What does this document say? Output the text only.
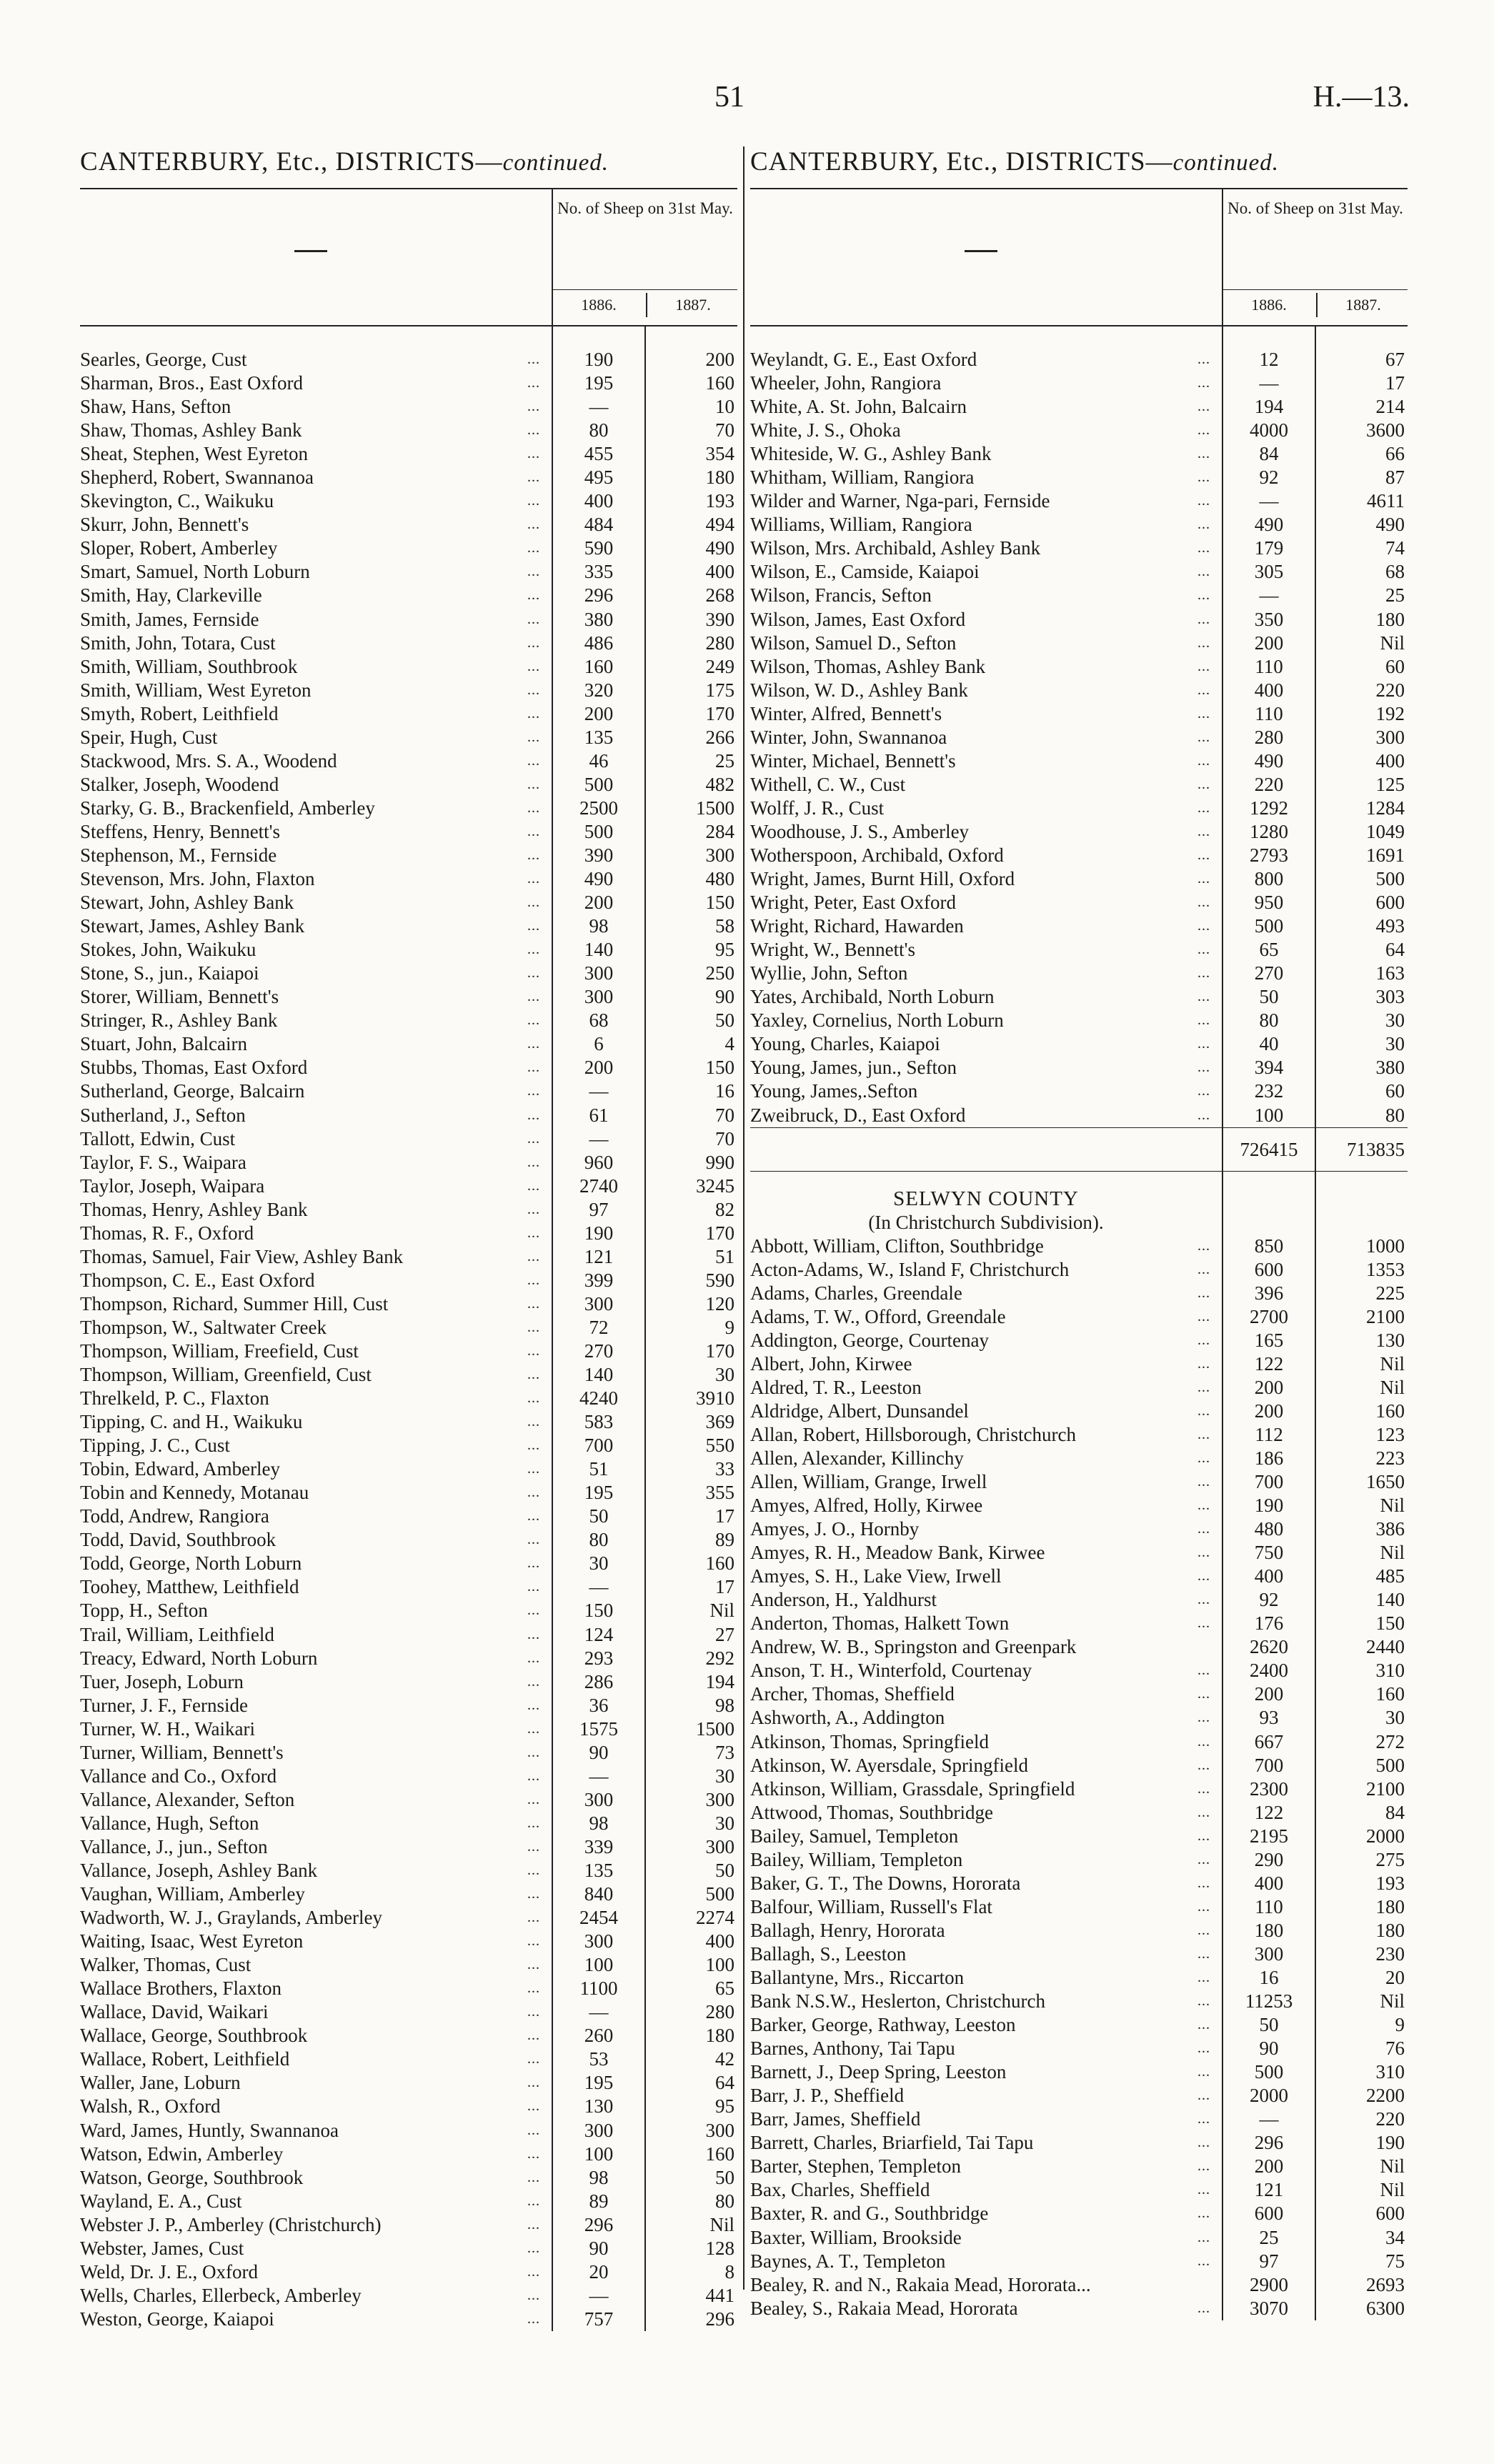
51	H.—13.
CANTERBURY, Etc., DISTRICTS—continued.
No. of Sheep on 31st May.
1886.	1887.
Searles, George, Cust	...	190	200
Sharman, Bros., East Oxford	...	195	160
Shaw, Hans, Sefton	...	—	10
Shaw, Thomas, Ashley Bank	...	80	70
Sheat, Stephen, West Eyreton	...	455	354
Shepherd, Robert, Swannanoa	...	495	180
Skevington, C., Waikuku	...	400	193
Skurr, John, Bennett's	...	484	494
Sloper, Robert, Amberley	...	590	490
Smart, Samuel, North Loburn	...	335	400
Smith, Hay, Clarkeville	...	296	268
Smith, James, Fernside	...	380	390
Smith, John, Totara, Cust	...	486	280
Smith, William, Southbrook	...	160	249
Smith, William, West Eyreton	...	320	175
Smyth, Robert, Leithfield	...	200	170
Speir, Hugh, Cust	...	135	266
Stackwood, Mrs. S. A., Woodend	...	46	25
Stalker, Joseph, Woodend	...	500	482
Starky, G. B., Brackenfield, Amberley	...	2500	1500
Steffens, Henry, Bennett's	...	500	284
Stephenson, M., Fernside	...	390	300
Stevenson, Mrs. John, Flaxton	...	490	480
Stewart, John, Ashley Bank	...	200	150
Stewart, James, Ashley Bank	...	98	58
Stokes, John, Waikuku	...	140	95
Stone, S., jun., Kaiapoi	...	300	250
Storer, William, Bennett's	...	300	90
Stringer, R., Ashley Bank	...	68	50
Stuart, John, Balcairn	...	6	4
Stubbs, Thomas, East Oxford	...	200	150
Sutherland, George, Balcairn	...	—	16
Sutherland, J., Sefton	...	61	70
Tallott, Edwin, Cust	...	—	70
Taylor, F. S., Waipara	...	960	990
Taylor, Joseph, Waipara	...	2740	3245
Thomas, Henry, Ashley Bank	...	97	82
Thomas, R. F., Oxford	...	190	170
Thomas, Samuel, Fair View, Ashley Bank	...	121	51
Thompson, C. E., East Oxford	...	399	590
Thompson, Richard, Summer Hill, Cust	...	300	120
Thompson, W., Saltwater Creek	...	72	9
Thompson, William, Freefield, Cust	...	270	170
Thompson, William, Greenfield, Cust	...	140	30
Threlkeld, P. C., Flaxton	...	4240	3910
Tipping, C. and H., Waikuku	...	583	369
Tipping, J. C., Cust	...	700	550
Tobin, Edward, Amberley	...	51	33
Tobin and Kennedy, Motanau	...	195	355
Todd, Andrew, Rangiora	...	50	17
Todd, David, Southbrook	...	80	89
Todd, George, North Loburn	...	30	160
Toohey, Matthew, Leithfield	...	—	17
Topp, H., Sefton	...	150	Nil
Trail, William, Leithfield	...	124	27
Treacy, Edward, North Loburn	...	293	292
Tuer, Joseph, Loburn	...	286	194
Turner, J. F., Fernside	...	36	98
Turner, W. H., Waikari	...	1575	1500
Turner, William, Bennett's	...	90	73
Vallance and Co., Oxford	...	—	30
Vallance, Alexander, Sefton	...	300	300
Vallance, Hugh, Sefton	...	98	30
Vallance, J., jun., Sefton	...	339	300
Vallance, Joseph, Ashley Bank	...	135	50
Vaughan, William, Amberley	...	840	500
Wadworth, W. J., Graylands, Amberley	...	2454	2274
Waiting, Isaac, West Eyreton	...	300	400
Walker, Thomas, Cust	...	100	100
Wallace Brothers, Flaxton	...	1100	65
Wallace, David, Waikari	...	—	280
Wallace, George, Southbrook	...	260	180
Wallace, Robert, Leithfield	...	53	42
Waller, Jane, Loburn	...	195	64
Walsh, R., Oxford	...	130	95
Ward, James, Huntly, Swannanoa	...	300	300
Watson, Edwin, Amberley	...	100	160
Watson, George, Southbrook	...	98	50
Wayland, E. A., Cust	...	89	80
Webster J. P., Amberley (Christchurch)	...	296	Nil
Webster, James, Cust	...	90	128
Weld, Dr. J. E., Oxford	...	20	8
Wells, Charles, Ellerbeck, Amberley	...	—	441
Weston, George, Kaiapoi	...	757	296
CANTERBURY, Etc., DISTRICTS—continued.
No. of Sheep on 31st May.
1886.	1887.
Weylandt, G. E., East Oxford	...	12	67
Wheeler, John, Rangiora	...	—	17
White, A. St. John, Balcairn	...	194	214
White, J. S., Ohoka	...	4000	3600
Whiteside, W. G., Ashley Bank	...	84	66
Whitham, William, Rangiora	...	92	87
Wilder and Warner, Nga-pari, Fernside	...	—	4611
Williams, William, Rangiora	...	490	490
Wilson, Mrs. Archibald, Ashley Bank	...	179	74
Wilson, E., Camside, Kaiapoi	...	305	68
Wilson, Francis, Sefton	...	—	25
Wilson, James, East Oxford	...	350	180
Wilson, Samuel D., Sefton	...	200	Nil
Wilson, Thomas, Ashley Bank	...	110	60
Wilson, W. D., Ashley Bank	...	400	220
Winter, Alfred, Bennett's	...	110	192
Winter, John, Swannanoa	...	280	300
Winter, Michael, Bennett's	...	490	400
Withell, C. W., Cust	...	220	125
Wolff, J. R., Cust	...	1292	1284
Woodhouse, J. S., Amberley	...	1280	1049
Wotherspoon, Archibald, Oxford	...	2793	1691
Wright, James, Burnt Hill, Oxford	...	800	500
Wright, Peter, East Oxford	...	950	600
Wright, Richard, Hawarden	...	500	493
Wright, W., Bennett's	...	65	64
Wyllie, John, Sefton	...	270	163
Yates, Archibald, North Loburn	...	50	303
Yaxley, Cornelius, North Loburn	...	80	30
Young, Charles, Kaiapoi	...	40	30
Young, James, jun., Sefton	...	394	380
Young, James,.Sefton	...	232	60
Zweibruck, D., East Oxford	...	100	80
726415	713835
SELWYN COUNTY
(In Christchurch Subdivision).
Abbott, William, Clifton, Southbridge	...	850	1000
Acton-Adams, W., Island F, Christchurch	...	600	1353
Adams, Charles, Greendale	...	396	225
Adams, T. W., Offord, Greendale	...	2700	2100
Addington, George, Courtenay	...	165	130
Albert, John, Kirwee	...	122	Nil
Aldred, T. R., Leeston	...	200	Nil
Aldridge, Albert, Dunsandel	...	200	160
Allan, Robert, Hillsborough, Christchurch	...	112	123
Allen, Alexander, Killinchy	...	186	223
Allen, William, Grange, Irwell	...	700	1650
Amyes, Alfred, Holly, Kirwee	...	190	Nil
Amyes, J. O., Hornby	...	480	386
Amyes, R. H., Meadow Bank, Kirwee	...	750	Nil
Amyes, S. H., Lake View, Irwell	...	400	485
Anderson, H., Yaldhurst	...	92	140
Anderton, Thomas, Halkett Town	...	176	150
Andrew, W. B., Springston and Greenpark	2620	2440
Anson, T. H., Winterfold, Courtenay	...	2400	310
Archer, Thomas, Sheffield	...	200	160
Ashworth, A., Addington	...	93	30
Atkinson, Thomas, Springfield	...	667	272
Atkinson, W. Ayersdale, Springfield	...	700	500
Atkinson, William, Grassdale, Springfield	...	2300	2100
Attwood, Thomas, Southbridge	...	122	84
Bailey, Samuel, Templeton	...	2195	2000
Bailey, William, Templeton	...	290	275
Baker, G. T., The Downs, Hororata	...	400	193
Balfour, William, Russell's Flat	...	110	180
Ballagh, Henry, Hororata	...	180	180
Ballagh, S., Leeston	...	300	230
Ballantyne, Mrs., Riccarton	...	16	20
Bank N.S.W., Heslerton, Christchurch	...	11253	Nil
Barker, George, Rathway, Leeston	...	50	9
Barnes, Anthony, Tai Tapu	...	90	76
Barnett, J., Deep Spring, Leeston	...	500	310
Barr, J. P., Sheffield	...	2000	2200
Barr, James, Sheffield	...	—	220
Barrett, Charles, Briarfield, Tai Tapu	...	296	190
Barter, Stephen, Templeton	...	200	Nil
Bax, Charles, Sheffield	...	121	Nil
Baxter, R. and G., Southbridge	...	600	600
Baxter, William, Brookside	...	25	34
Baynes, A. T., Templeton	...	97	75
Bealey, R. and N., Rakaia Mead, Hororata...	2900	2693
Bealey, S., Rakaia Mead, Hororata	...	3070	6300
